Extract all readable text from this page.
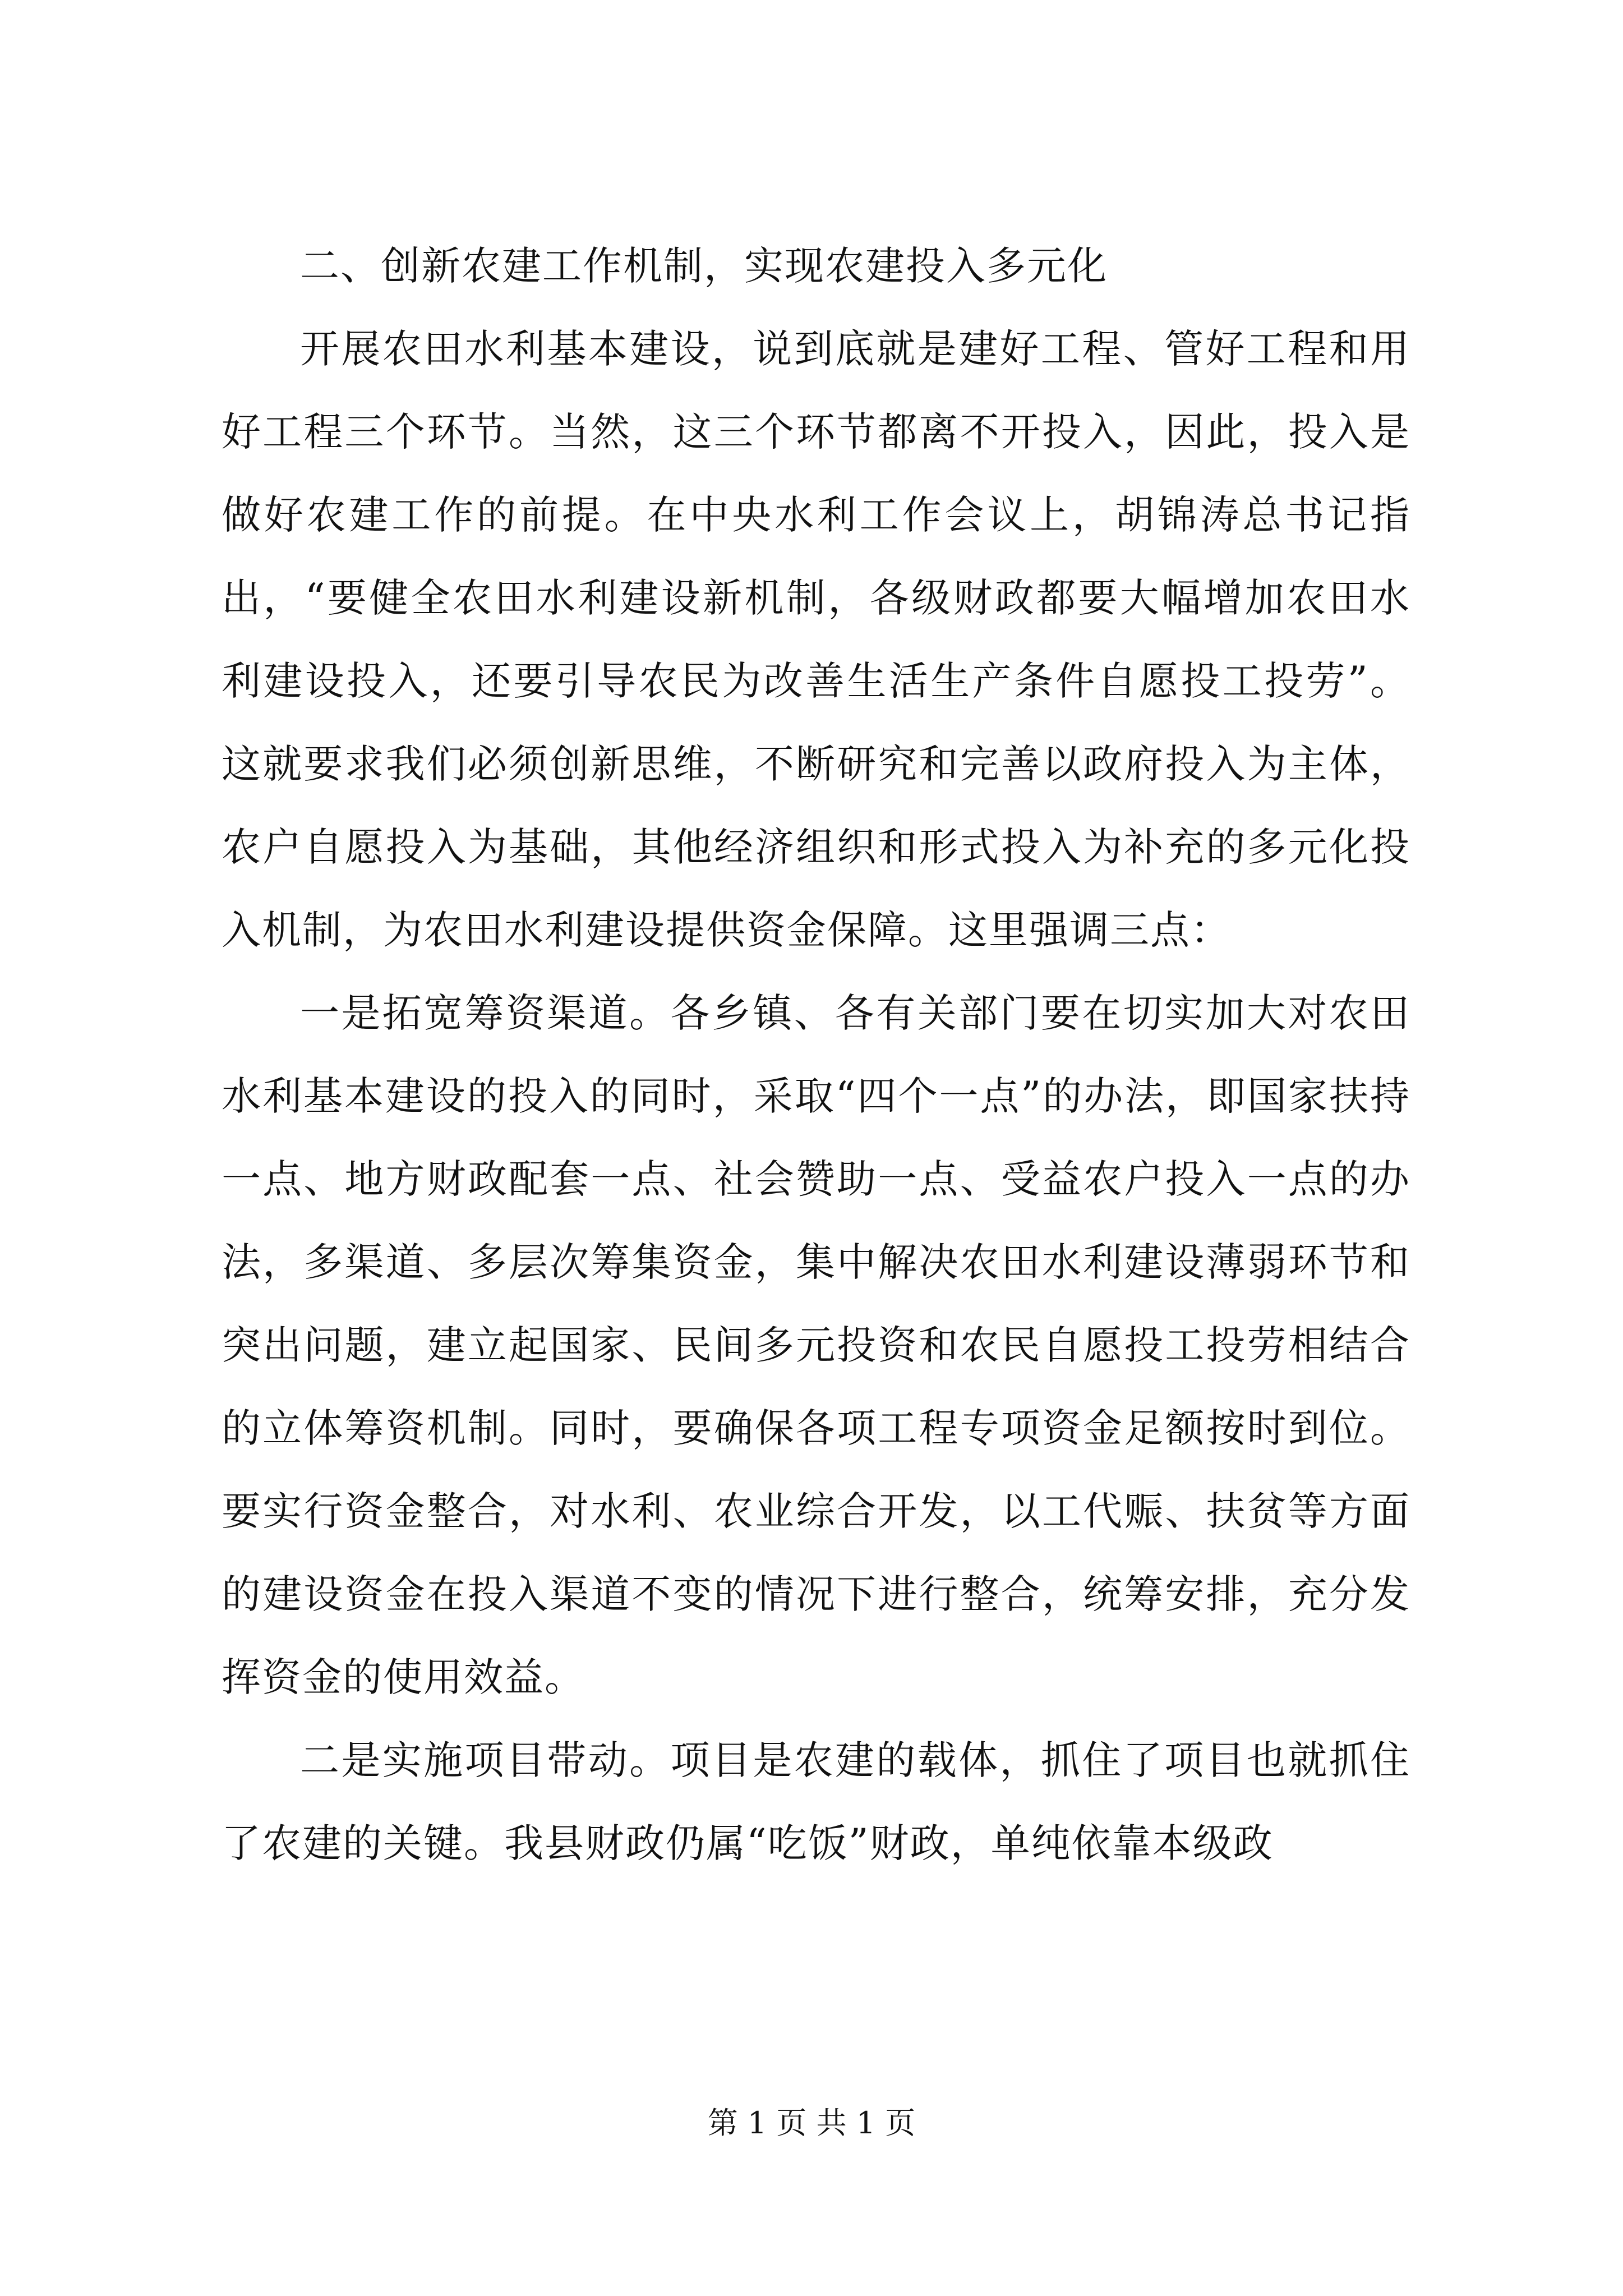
二、创新农建工作机制，实现农建投入多元化

开展农田水利基本建设，说到底就是建好工程、管好工程和用好工程三个环节。当然，这三个环节都离不开投入，因此，投入是做好农建工作的前提。在中央水利工作会议上，胡锦涛总书记指出，“要健全农田水利建设新机制，各级财政都要大幅增加农田水利建设投入，还要引导农民为改善生活生产条件自愿投工投劳”。这就要求我们必须创新思维，不断研究和完善以政府投入为主体，农户自愿投入为基础，其他经济组织和形式投入为补充的多元化投入机制，为农田水利建设提供资金保障。这里强调三点：

一是拓宽筹资渠道。各乡镇、各有关部门要在切实加大对农田水利基本建设的投入的同时，采取“四个一点”的办法，即国家扶持一点、地方财政配套一点、社会赞助一点、受益农户投入一点的办法，多渠道、多层次筹集资金，集中解决农田水利建设薄弱环节和突出问题，建立起国家、民间多元投资和农民自愿投工投劳相结合的立体筹资机制。同时，要确保各项工程专项资金足额按时到位。要实行资金整合，对水利、农业综合开发，以工代赈、扶贫等方面的建设资金在投入渠道不变的情况下进行整合，统筹安排，充分发挥资金的使用效益。

二是实施项目带动。项目是农建的载体，抓住了项目也就抓住了农建的关键。我县财政仍属“吃饭”财政，单纯依靠本级政

第 1 页 共 1 页
